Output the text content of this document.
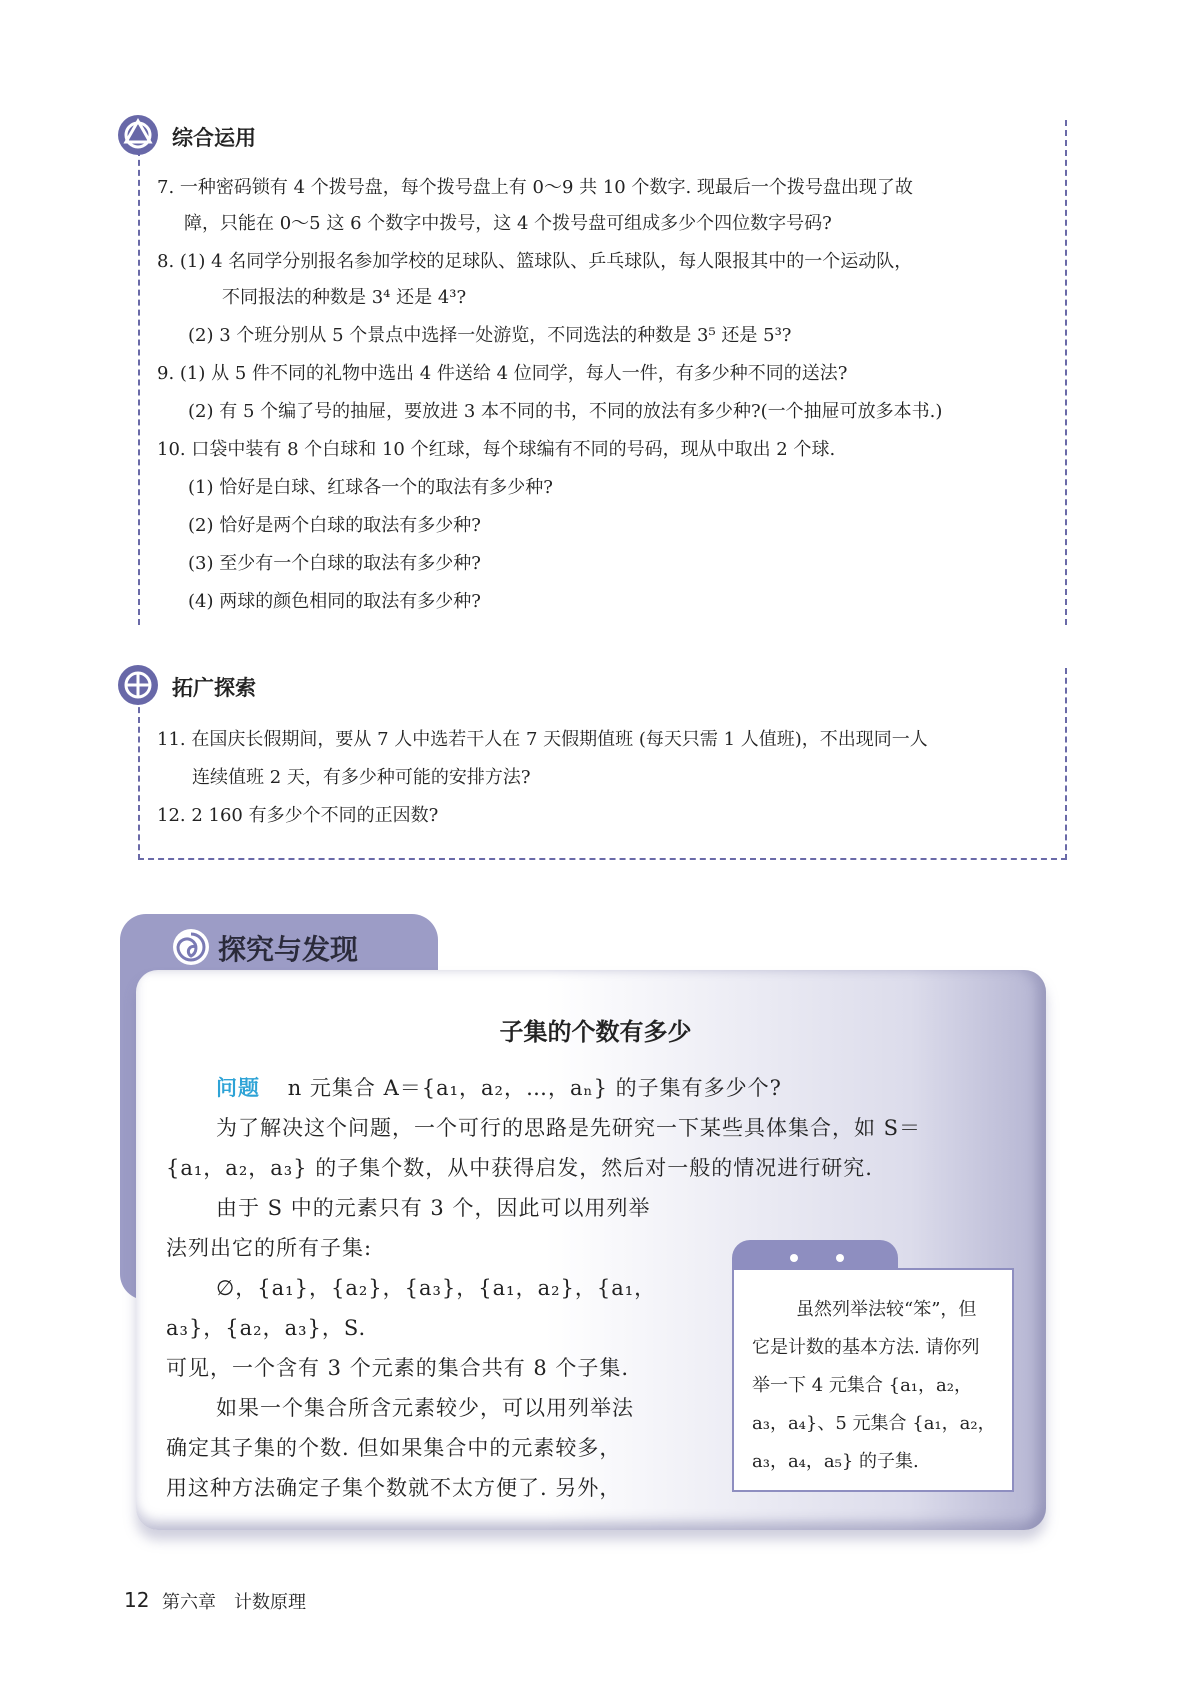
综合运用
7. 一种密码锁有 4 个拨号盘，每个拨号盘上有 0～9 共 10 个数字. 现最后一个拨号盘出现了故
障，只能在 0～5 这 6 个数字中拨号，这 4 个拨号盘可组成多少个四位数字号码?
8. (1) 4 名同学分别报名参加学校的足球队、篮球队、乒乓球队，每人限报其中的一个运动队，
不同报法的种数是 3⁴ 还是 4³?
(2) 3 个班分别从 5 个景点中选择一处游览，不同选法的种数是 3⁵ 还是 5³?
9. (1) 从 5 件不同的礼物中选出 4 件送给 4 位同学，每人一件，有多少种不同的送法?
(2) 有 5 个编了号的抽屉，要放进 3 本不同的书，不同的放法有多少种?(一个抽屉可放多本书.)
10. 口袋中装有 8 个白球和 10 个红球，每个球编有不同的号码，现从中取出 2 个球.
(1) 恰好是白球、红球各一个的取法有多少种?
(2) 恰好是两个白球的取法有多少种?
(3) 至少有一个白球的取法有多少种?
(4) 两球的颜色相同的取法有多少种?
拓广探索
11. 在国庆长假期间，要从 7 人中选若干人在 7 天假期值班 (每天只需 1 人值班)，不出现同一人
连续值班 2 天，有多少种可能的安排方法?
12. 2 160 有多少个不同的正因数?
探究与发现
子集的个数有多少
问题 n 元集合 A＝{a₁，a₂，…，aₙ} 的子集有多少个?
为了解决这个问题，一个可行的思路是先研究一下某些具体集合，如 S＝
{a₁，a₂，a₃} 的子集个数，从中获得启发，然后对一般的情况进行研究.
由于 S 中的元素只有 3 个，因此可以用列举
法列出它的所有子集:
∅，{a₁}，{a₂}，{a₃}，{a₁，a₂}，{a₁，
a₃}，{a₂，a₃}，S.
可见，一个含有 3 个元素的集合共有 8 个子集.
如果一个集合所含元素较少，可以用列举法
确定其子集的个数. 但如果集合中的元素较多，
用这种方法确定子集个数就不太方便了. 另外，
虽然列举法较“笨”，但
它是计数的基本方法. 请你列
举一下 4 元集合 {a₁，a₂，
a₃，a₄}、5 元集合 {a₁，a₂，
a₃，a₄，a₅} 的子集.
12 第六章　计数原理
